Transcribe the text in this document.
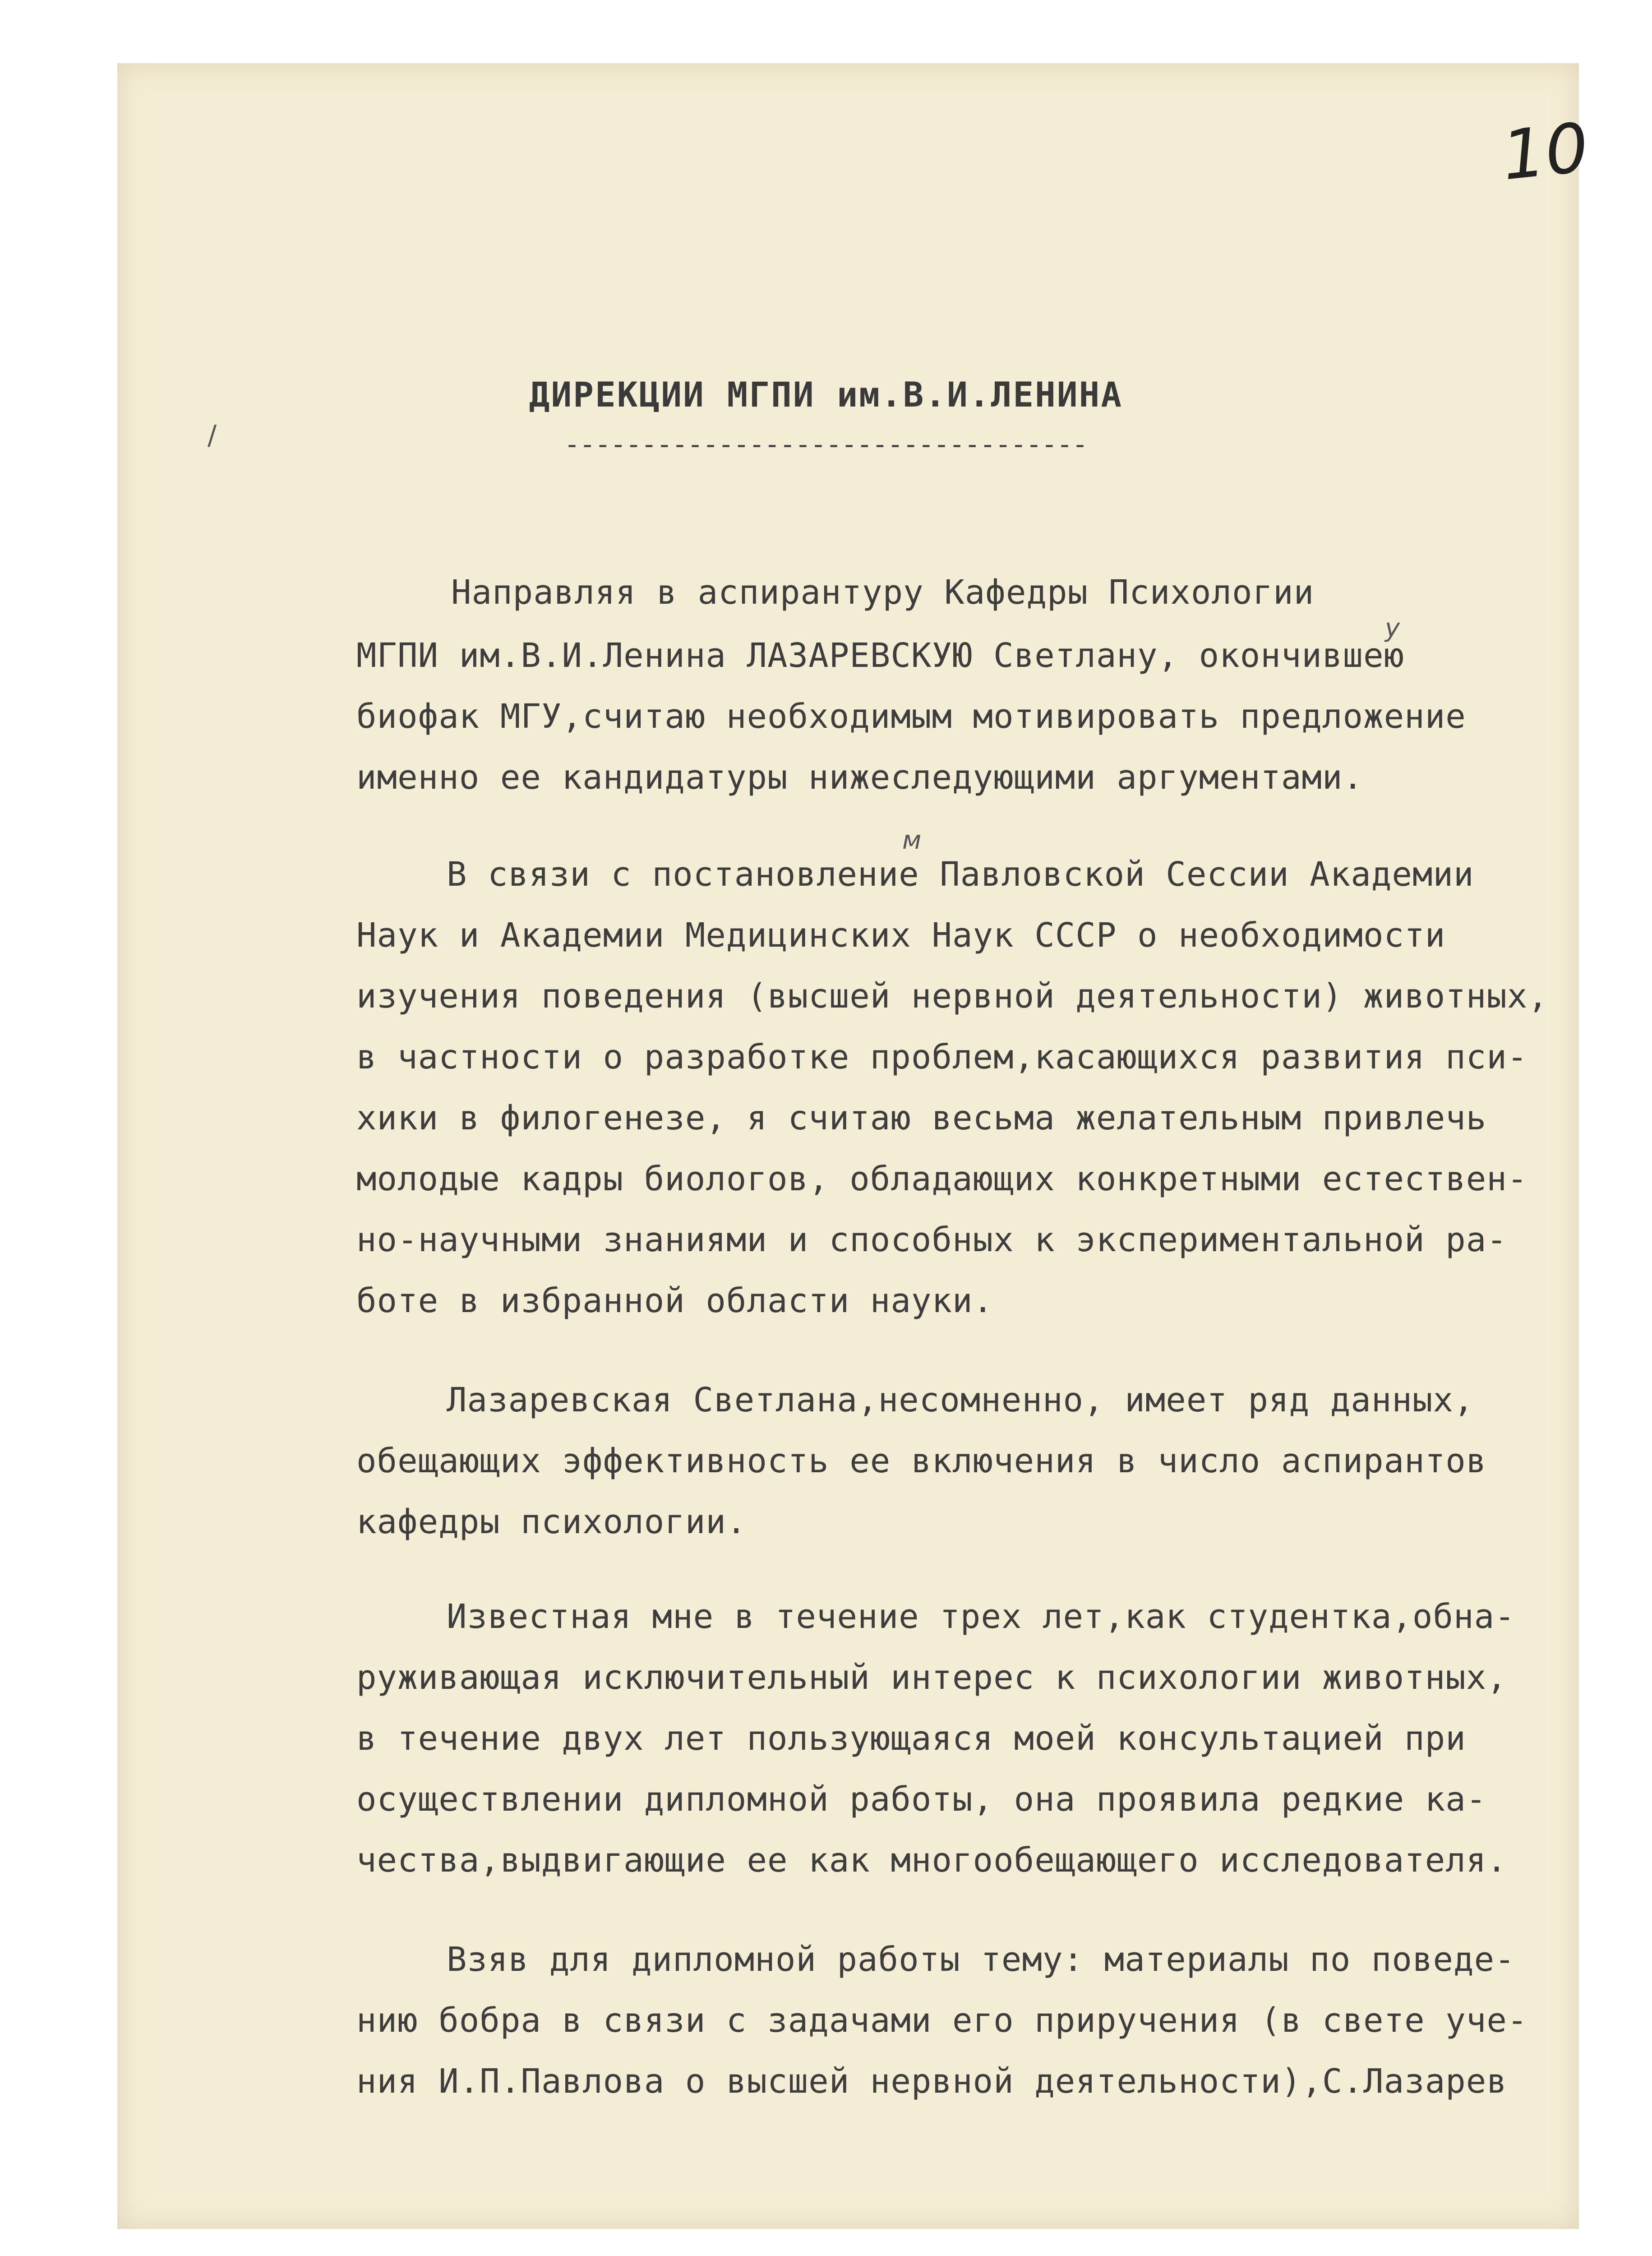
10
ДИРЕКЦИИ МГПИ им.В.И.ЛЕНИНА
----------------------------------
у
м
/
Направляя в аспирантуру Кафедры Психологии
МГПИ им.В.И.Ленина ЛАЗАРЕВСКУЮ Светлану, окончившею
биофак МГУ,считаю необходимым мотивировать предложение
именно ее кандидатуры нижеследующими аргументами.
В связи с постановление Павловской Сессии Академии
Наук и Академии Медицинских Наук СССР о необходимости
изучения поведения (высшей нервной деятельности) животных,
в частности о разработке проблем,касающихся развития пси-
хики в филогенезе, я считаю весьма желательным привлечь
молодые кадры биологов, обладающих конкретными естествен-
но-научными знаниями и способных к экспериментальной ра-
боте в избранной области науки.
Лазаревская Светлана,несомненно, имеет ряд данных,
обещающих эффективность ее включения в число аспирантов
кафедры психологии.
Известная мне в течение трех лет,как студентка,обна-
руживающая исключительный интерес к психологии животных,
в течение двух лет пользующаяся моей консультацией при
осуществлении дипломной работы, она проявила редкие ка-
чества,выдвигающие ее как многообещающего исследователя.
Взяв для дипломной работы тему: материалы по поведе-
нию бобра в связи с задачами его приручения (в свете уче-
ния И.П.Павлова о высшей нервной деятельности),С.Лазарев
